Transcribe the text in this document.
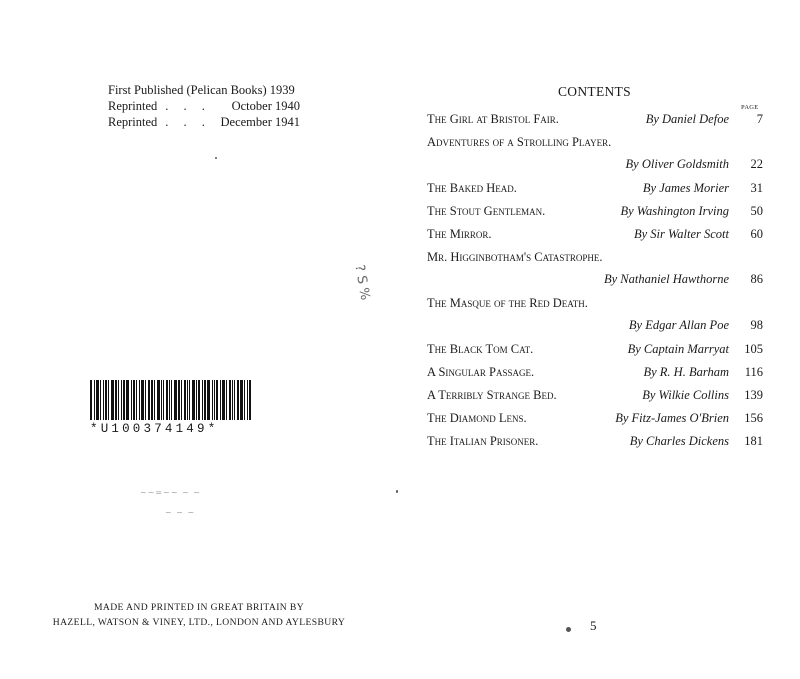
First Published (Pelican Books) 1939
Reprinted . . . October 1940
Reprinted . . . December 1941
*U100374149*
? S %
~~=~~ ~ ~
~ ~ ~
MADE AND PRINTED IN GREAT BRITAIN BY
HAZELL, WATSON & VINEY, LTD., LONDON AND AYLESBURY
CONTENTS
PAGE
The Girl at Bristol Fair.	By Daniel Defoe	7
Adventures of a Strolling Player.
By Oliver Goldsmith	22
The Baked Head.	By James Morier	31
The Stout Gentleman.	By Washington Irving	50
The Mirror.	By Sir Walter Scott	60
Mr. Higginbotham's Catastrophe.
By Nathaniel Hawthorne	86
The Masque of the Red Death.
By Edgar Allan Poe	98
The Black Tom Cat.	By Captain Marryat	105
A Singular Passage.	By R. H. Barham	116
A Terribly Strange Bed.	By Wilkie Collins	139
The Diamond Lens.	By Fitz-James O'Brien	156
The Italian Prisoner.	By Charles Dickens	181
5
